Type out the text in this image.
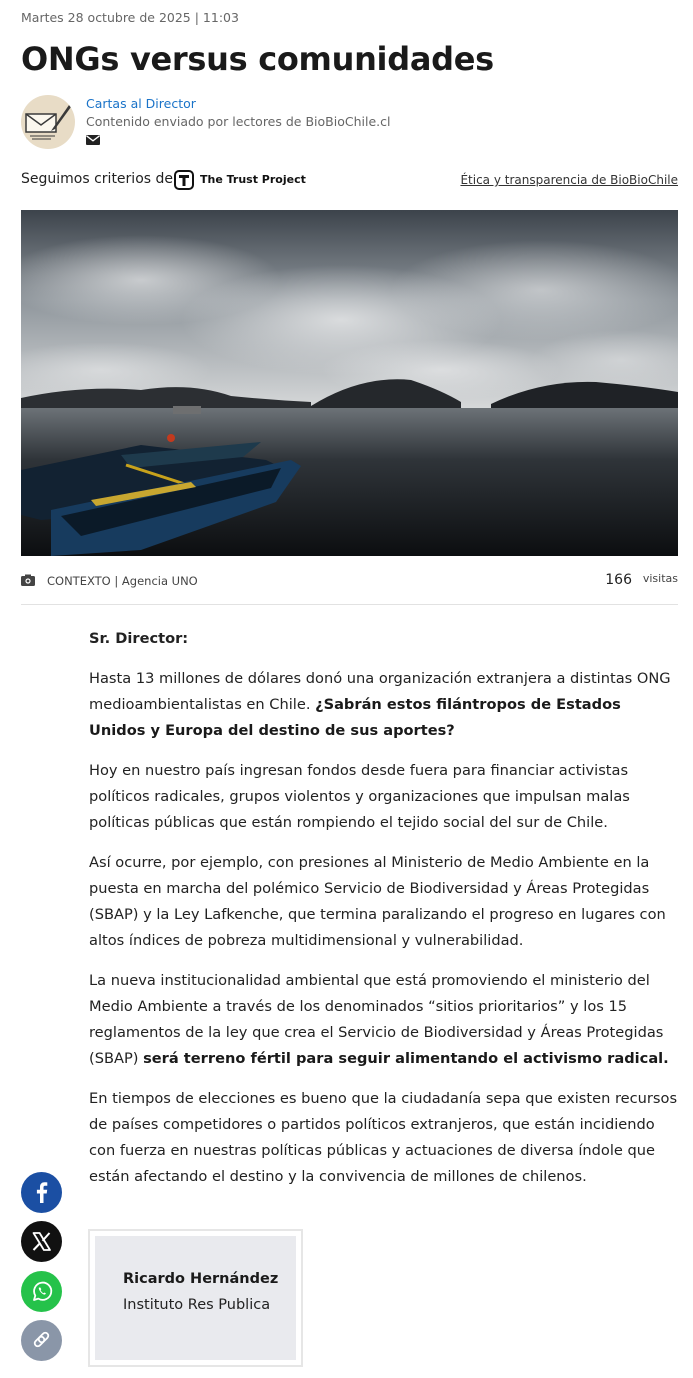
Martes 28 octubre de 2025 | 11:03
ONGs versus comunidades
Cartas al Director
Contenido enviado por lectores de BioBioChile.cl
Seguimos criterios de The Trust Project	Ética y transparencia de BioBioChile
CONTEXTO | Agencia UNO	166 visitas

Sr. Director:

Hasta 13 millones de dólares donó una organización extranjera a distintas ONG medioambientalistas en Chile. ¿Sabrán estos filántropos de Estados Unidos y Europa del destino de sus aportes?

Hoy en nuestro país ingresan fondos desde fuera para financiar activistas políticos radicales, grupos violentos y organizaciones que impulsan malas políticas públicas que están rompiendo el tejido social del sur de Chile.

Así ocurre, por ejemplo, con presiones al Ministerio de Medio Ambiente en la puesta en marcha del polémico Servicio de Biodiversidad y Áreas Protegidas (SBAP) y la Ley Lafkenche, que termina paralizando el progreso en lugares con altos índices de pobreza multidimensional y vulnerabilidad.

La nueva institucionalidad ambiental que está promoviendo el ministerio del Medio Ambiente a través de los denominados “sitios prioritarios” y los 15 reglamentos de la ley que crea el Servicio de Biodiversidad y Áreas Protegidas (SBAP) será terreno fértil para seguir alimentando el activismo radical.

En tiempos de elecciones es bueno que la ciudadanía sepa que existen recursos de países competidores o partidos políticos extranjeros, que están incidiendo con fuerza en nuestras políticas públicas y actuaciones de diversa índole que están afectando el destino y la convivencia de millones de chilenos.

Ricardo Hernández
Instituto Res Publica
